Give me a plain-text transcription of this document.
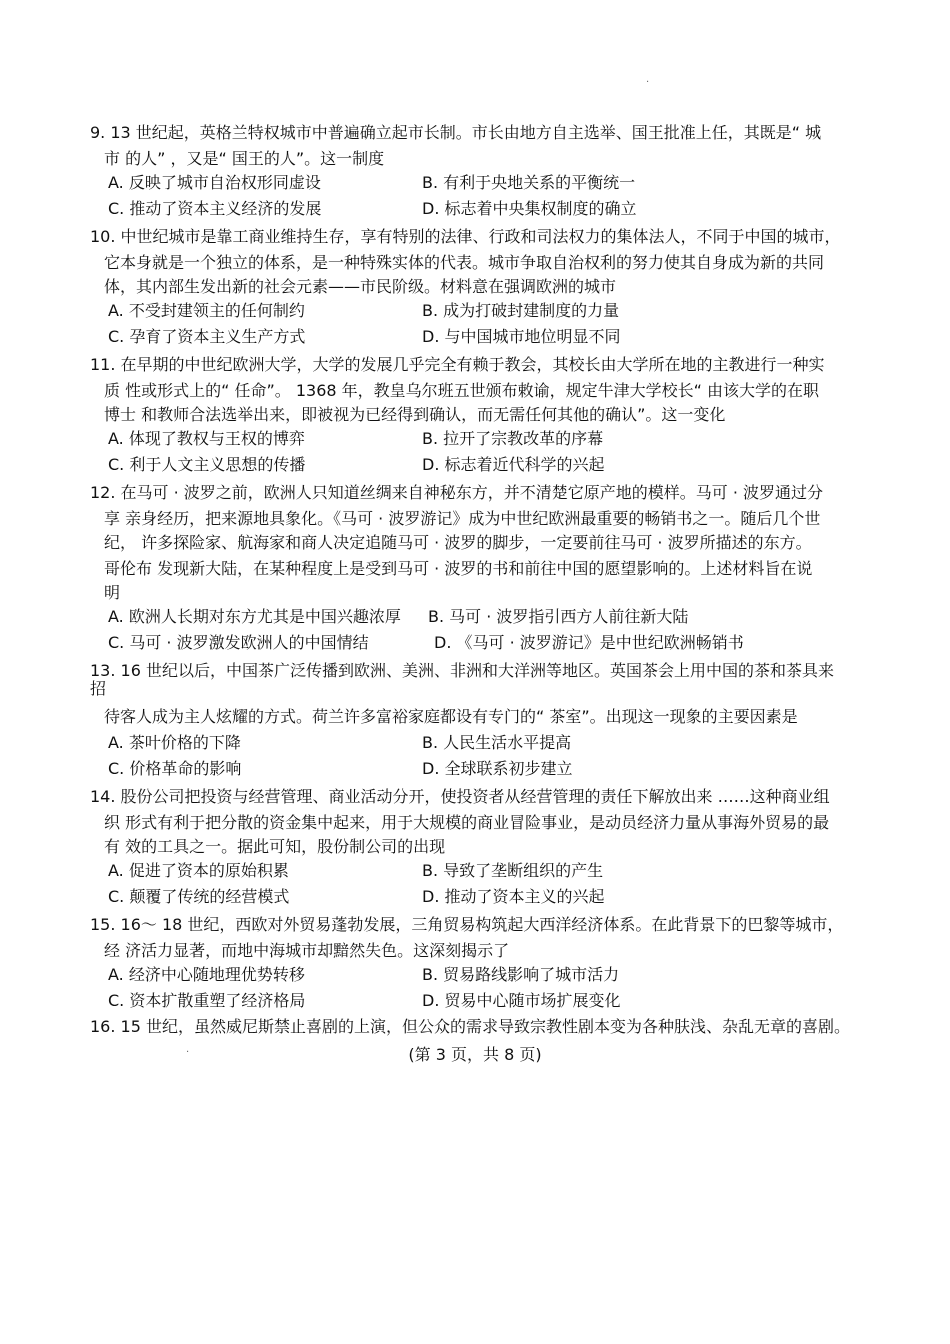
.
9. 13 世纪起，英格兰特权城市中普遍确立起市长制。市长由地方自主选举、国王批准上任，其既是“ 城
市 的人” ，又是“ 国王的人”。这一制度
A. 反映了城市自治权形同虚设	B. 有利于央地关系的平衡统一
C. 推动了资本主义经济的发展	D. 标志着中央集权制度的确立
10. 中世纪城市是靠工商业维持生存，享有特别的法律、行政和司法权力的集体法人，不同于中国的城市，
它本身就是一个独立的体系，是一种特殊实体的代表。城市争取自治权利的努力使其自身成为新的共同
体，其内部生发出新的社会元素——市民阶级。材料意在强调欧洲的城市
A. 不受封建领主的任何制约	B. 成为打破封建制度的力量
C. 孕育了资本主义生产方式	D. 与中国城市地位明显不同
11. 在早期的中世纪欧洲大学，大学的发展几乎完全有赖于教会，其校长由大学所在地的主教进行一种实
质 性或形式上的“ 任命”。 1368 年，教皇乌尔班五世颁布敕谕，规定牛津大学校长“ 由该大学的在职
博士 和教师合法选举出来，即被视为已经得到确认，而无需任何其他的确认”。这一变化
A. 体现了教权与王权的博弈	B. 拉开了宗教改革的序幕
C. 利于人文主义思想的传播	D. 标志着近代科学的兴起
12. 在马可 · 波罗之前，欧洲人只知道丝绸来自神秘东方，并不清楚它原产地的模样。马可 · 波罗通过分
享 亲身经历，把来源地具象化。《马可 · 波罗游记》成为中世纪欧洲最重要的畅销书之一。随后几个世
纪， 许多探险家、航海家和商人决定追随马可 · 波罗的脚步，一定要前往马可 · 波罗所描述的东方。
哥伦布 发现新大陆，在某种程度上是受到马可 · 波罗的书和前往中国的愿望影响的。上述材料旨在说
明
A. 欧洲人长期对东方尤其是中国兴趣浓厚 B. 马可 · 波罗指引西方人前往新大陆
C. 马可 · 波罗激发欧洲人的中国情结	D. 《马可 · 波罗游记》是中世纪欧洲畅销书
13. 16 世纪以后，中国茶广泛传播到欧洲、美洲、非洲和大洋洲等地区。英国茶会上用中国的茶和茶具来
招
待客人成为主人炫耀的方式。荷兰许多富裕家庭都设有专门的“ 茶室”。出现这一现象的主要因素是
A. 茶叶价格的下降	B. 人民生活水平提高
C. 价格革命的影响	D. 全球联系初步建立
14. 股份公司把投资与经营管理、商业活动分开，使投资者从经营管理的责任下解放出来 ……这种商业组
织 形式有利于把分散的资金集中起来，用于大规模的商业冒险事业，是动员经济力量从事海外贸易的最
有 效的工具之一。据此可知，股份制公司的出现
A. 促进了资本的原始积累	B. 导致了垄断组织的产生
C. 颠覆了传统的经营模式	D. 推动了资本主义的兴起
15. 16～ 18 世纪，西欧对外贸易蓬勃发展，三角贸易构筑起大西洋经济体系。在此背景下的巴黎等城市，
经 济活力显著，而地中海城市却黯然失色。这深刻揭示了
A. 经济中心随地理优势转移	B. 贸易路线影响了城市活力
C. 资本扩散重塑了经济格局	D. 贸易中心随市场扩展变化
16. 15 世纪，虽然威尼斯禁止喜剧的上演，但公众的需求导致宗教性剧本变为各种肤浅、杂乱无章的喜剧。
.	(第 3 页，共 8 页)
